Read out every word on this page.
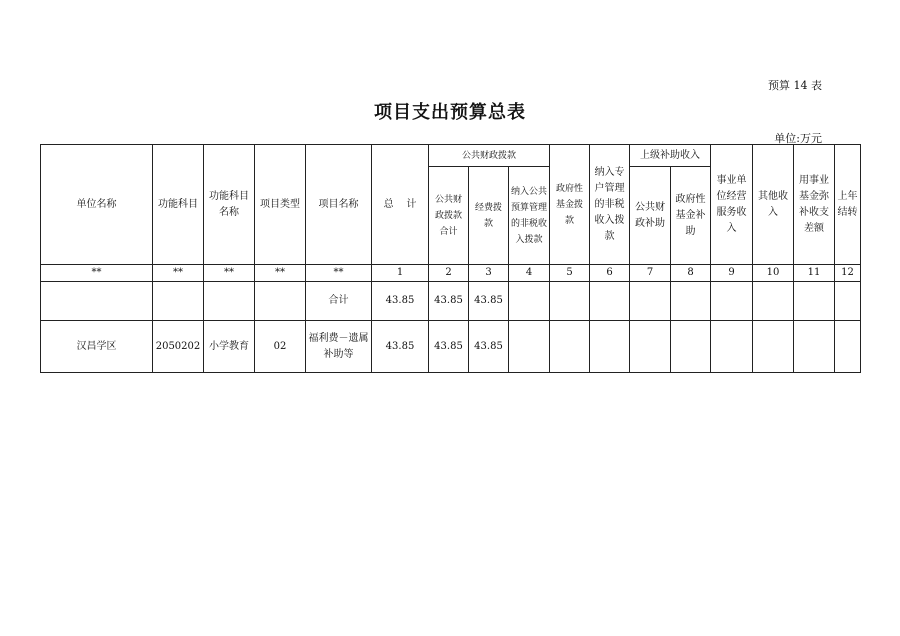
预算 14 表
项目支出预算总表
单位:万元
单位名称	功能科目	功能科目名称	项目类型	项目名称	总    计	公共财政拨款			政府性基金拨款	纳入专户管理的非税收入拨款	上级补助收入		事业单位经营服务收入	其他收入	用事业基金弥补收支差额	上年结转
						公共财政拨款合计	经费拨款	纳入公共预算管理的非税收入拨款			公共财政补助	政府性基金补助				
**	**	**	**	**	1	2	3	4	5	6	7	8	9	10	11	12
				合计	43.85	43.85	43.85									
汉昌学区	2050202	小学教育	02	福利费－遗属补助等	43.85	43.85	43.85									
